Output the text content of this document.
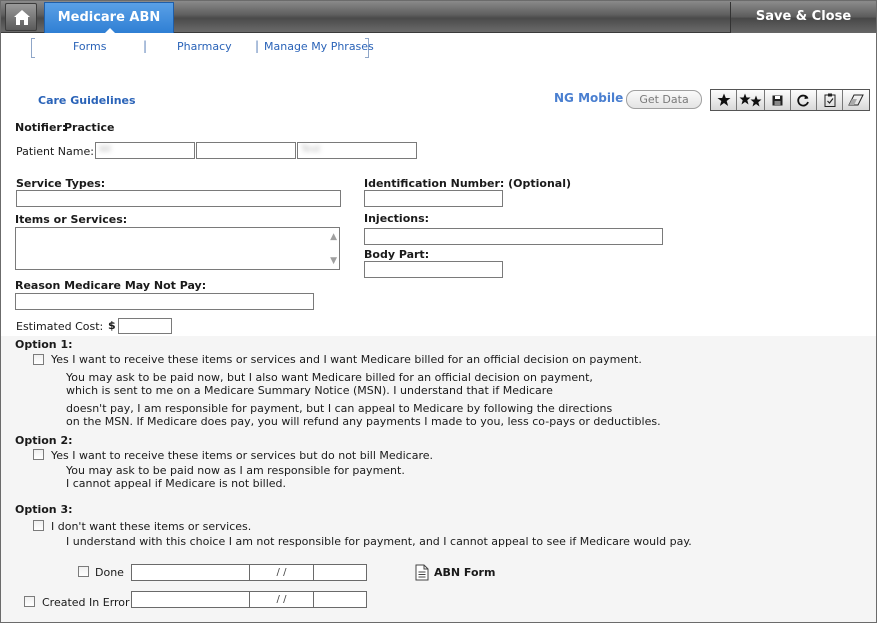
Medicare ABN	Save & Close
Forms	|	Pharmacy | Manage My Phrases
Care Guidelines	NG Mobile	Get Data
Notifier:
Practice
Patient Name: Wi	Test
Service Types:	Identification Number: (Optional)
Items or Services:
▲
▼
Injections:
Body Part:
Reason Medicare May Not Pay:
Estimated Cost: $
Option 1:
Yes I want to receive these items or services and I want Medicare billed for an official decision on payment.
You may ask to be paid now, but I also want Medicare billed for an official decision on payment,
which is sent to me on a Medicare Summary Notice (MSN). I understand that if Medicare
doesn't pay, I am responsible for payment, but I can appeal to Medicare by following the directions
on the MSN. If Medicare does pay, you will refund any payments I made to you, less co-pays or deductibles.
Option 2:
Yes I want to receive these items or services but do not bill Medicare.
You may ask to be paid now as I am responsible for payment.
I cannot appeal if Medicare is not billed.
Option 3:
I don't want these items or services.
I understand with this choice I am not responsible for payment, and I cannot appeal to see if Medicare would pay.
Done	/ /	ABN Form
Created In Error	/ /
